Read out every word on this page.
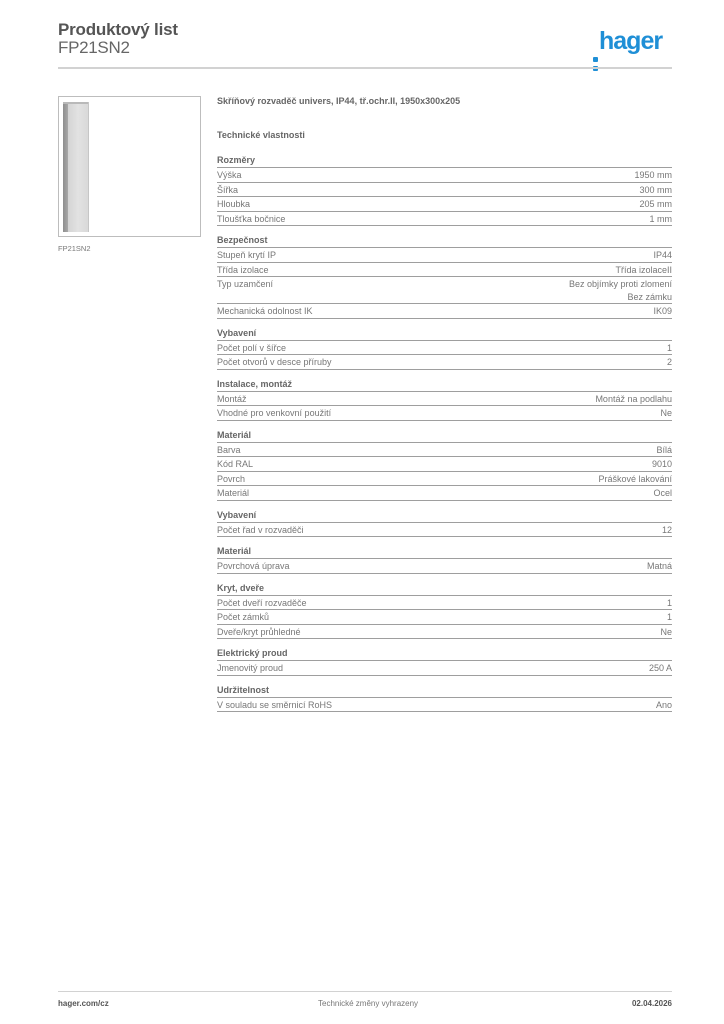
Produktový list
FP21SN2	hager
FP21SN2
Skříňový rozvaděč univers, IP44, tř.ochr.II, 1950x300x205
Technické vlastnosti
Rozměry
Výška	1950 mm
Šířka	300 mm
Hloubka	205 mm
Tloušťka bočnice	1 mm
Bezpečnost
Stupeň krytí IP	IP44
Třída izolace	Třída izolaceII
Typ uzamčení	Bez objímky proti zlomení
Bez zámku
Mechanická odolnost IK	IK09
Vybavení
Počet polí v šířce	1
Počet otvorů v desce příruby	2
Instalace, montáž
Montáž	Montáž na podlahu
Vhodné pro venkovní použití	Ne
Materiál
Barva	Bílá
Kód RAL	9010
Povrch	Práškové lakování
Materiál	Ocel
Vybavení
Počet řad v rozvaděči	12
Materiál
Povrchová úprava	Matná
Kryt, dveře
Počet dveří rozvaděče	1
Počet zámků	1
Dveře/kryt průhledné	Ne
Elektrický proud
Jmenovitý proud	250 A
Udržitelnost
V souladu se směrnicí RoHS	Ano
hager.com/cz	Technické změny vyhrazeny	02.04.2026
